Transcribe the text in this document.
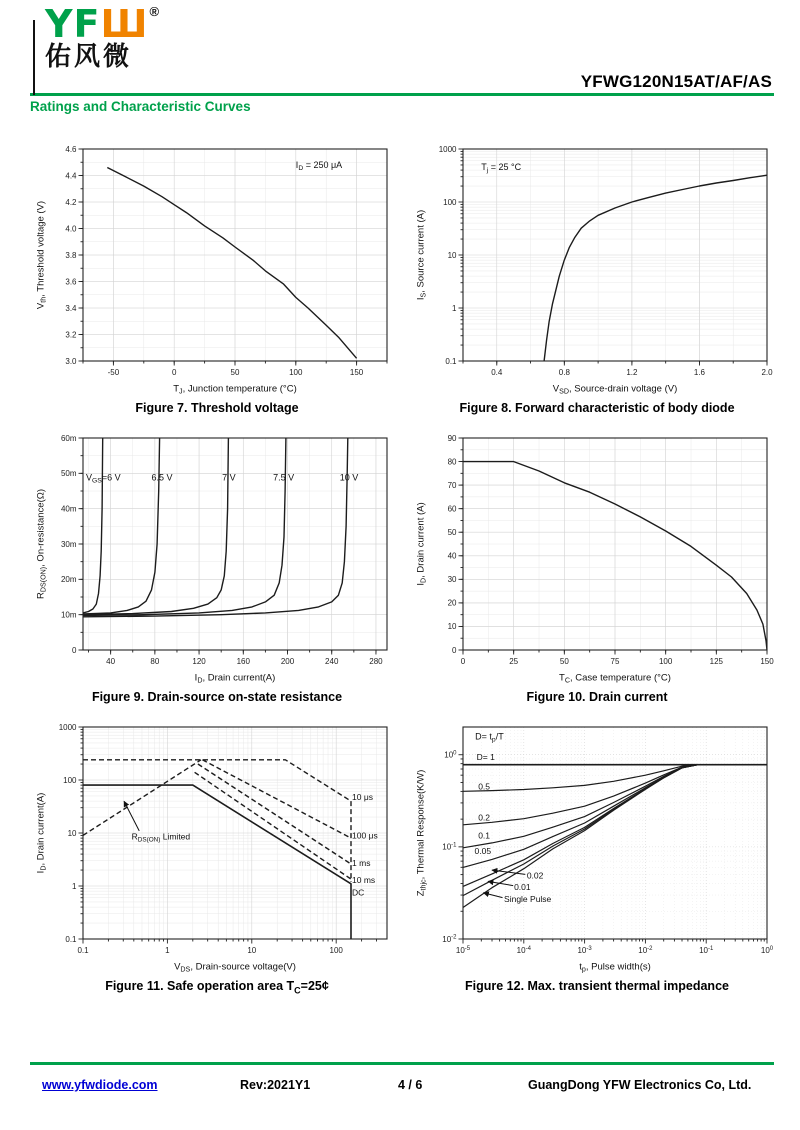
YFШ®
佑风微
YFWG120N15AT/AF/AS
Ratings and Characteristic Curves
-50	0	50	100	150
3.0
3.2
3.4
3.6
3.8
4.0
4.2
4.4
4.6
$T_J$, Junction temperature (°C)
$V_{th}$, Threshold voltage (V)
$I_D = 250$ μA
Figure 7. Threshold voltage
0.4	0.8	1.2	1.6	2.0
0.1
1
10
100
1000
$V_{SD}$, Source-drain voltage (V)
$I_S$, Source current (A)
$T_j = 25$ °C
Figure 8. Forward characteristic of body diode
40	80	120	160	200	240	280
0
10m
20m
30m
40m
50m
60m
$I_D$, Drain current(A)
$R_{DS(ON)}$, On-resistance(Ω)
$V_{GS}=6$ V	6.5 V	7 V	7.5 V	10 V
Figure 9. Drain-source on-state resistance
0	25	50	75	100	125	150
0
10
20
30
40
50
60
70
80
90
$T_C$, Case temperature (°C)
$I_D$, Drain current (A)
Figure 10. Drain current
0.1	1	10	100
0.1
1
10
100
1000
$V_{DS}$, Drain-source voltage(V)
$I_D$, Drain current(A)	10 μs
100 μs
1 ms
10 ms
DC
$R_{DS(ON)}$ Limited
Figure 11. Safe operation area $T_C=25¢$
$10^{-5}$	$10^{-4}$	$10^{-3}$	$10^{-2}$	$10^{-1}$	$10^0$
$10^{-2}$
$10^{-1}$
$10^0$
$t_p$, Pulse width(s)
$Z_{thjc}$, Thermal Response(K/W)
$D= t_p/T$
D= 1
0.5
0.2
0.1
0.05
0.02
0.01
Single Pulse
Figure 12. Max. transient thermal impedance
www.yfwdiode.com	Rev:2021Y1	4 / 6	GuangDong YFW Electronics Co, Ltd.
